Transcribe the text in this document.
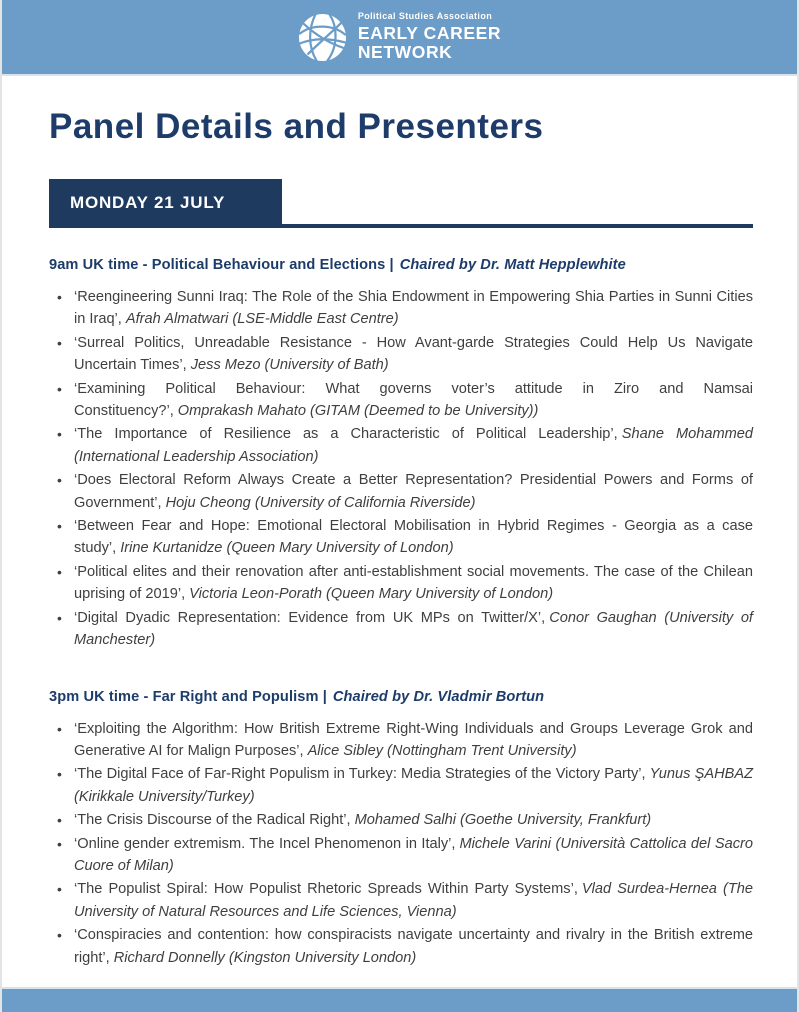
Political Studies Association
EARLY CAREER
NETWORK
Panel Details and Presenters
MONDAY 21 JULY
9am UK time - Political Behaviour and Elections | Chaired by Dr. Matt Hepplewhite
• ‘Reengineering Sunni Iraq: The Role of the Shia Endowment in Empowering Shia Parties in Sunni Cities in Iraq’, Afrah Almatwari (LSE-Middle East Centre)
• ‘Surreal Politics, Unreadable Resistance - How Avant-garde Strategies Could Help Us Navigate Uncertain Times’, Jess Mezo (University of Bath)
• ‘Examining Political Behaviour: What governs voter’s attitude in Ziro and Namsai Constituency?’, Omprakash Mahato (GITAM (Deemed to be University))
• ‘The Importance of Resilience as a Characteristic of Political Leadership’, Shane Mohammed (International Leadership Association)
• ‘Does Electoral Reform Always Create a Better Representation? Presidential Powers and Forms of Government’, Hoju Cheong (University of California Riverside)
• ‘Between Fear and Hope: Emotional Electoral Mobilisation in Hybrid Regimes - Georgia as a case study’, Irine Kurtanidze (Queen Mary University of London)
• ‘Political elites and their renovation after anti-establishment social movements. The case of the Chilean uprising of 2019’, Victoria Leon-Porath (Queen Mary University of London)
• ‘Digital Dyadic Representation: Evidence from UK MPs on Twitter/X’, Conor Gaughan (University of Manchester)
3pm UK time - Far Right and Populism | Chaired by Dr. Vladmir Bortun
• ‘Exploiting the Algorithm: How British Extreme Right-Wing Individuals and Groups Leverage Grok and Generative AI for Malign Purposes’, Alice Sibley (Nottingham Trent University)
• ‘The Digital Face of Far-Right Populism in Turkey: Media Strategies of the Victory Party’, Yunus ŞAHBAZ (Kirikkale University/Turkey)
• ‘The Crisis Discourse of the Radical Right’, Mohamed Salhi (Goethe University, Frankfurt)
• ‘Online gender extremism. The Incel Phenomenon in Italy’, Michele Varini (Università Cattolica del Sacro Cuore of Milan)
• ‘The Populist Spiral: How Populist Rhetoric Spreads Within Party Systems’, Vlad Surdea-Hernea (The University of Natural Resources and Life Sciences, Vienna)
• ‘Conspiracies and contention: how conspiracists navigate uncertainty and rivalry in the British extreme right’, Richard Donnelly (Kingston University London)
